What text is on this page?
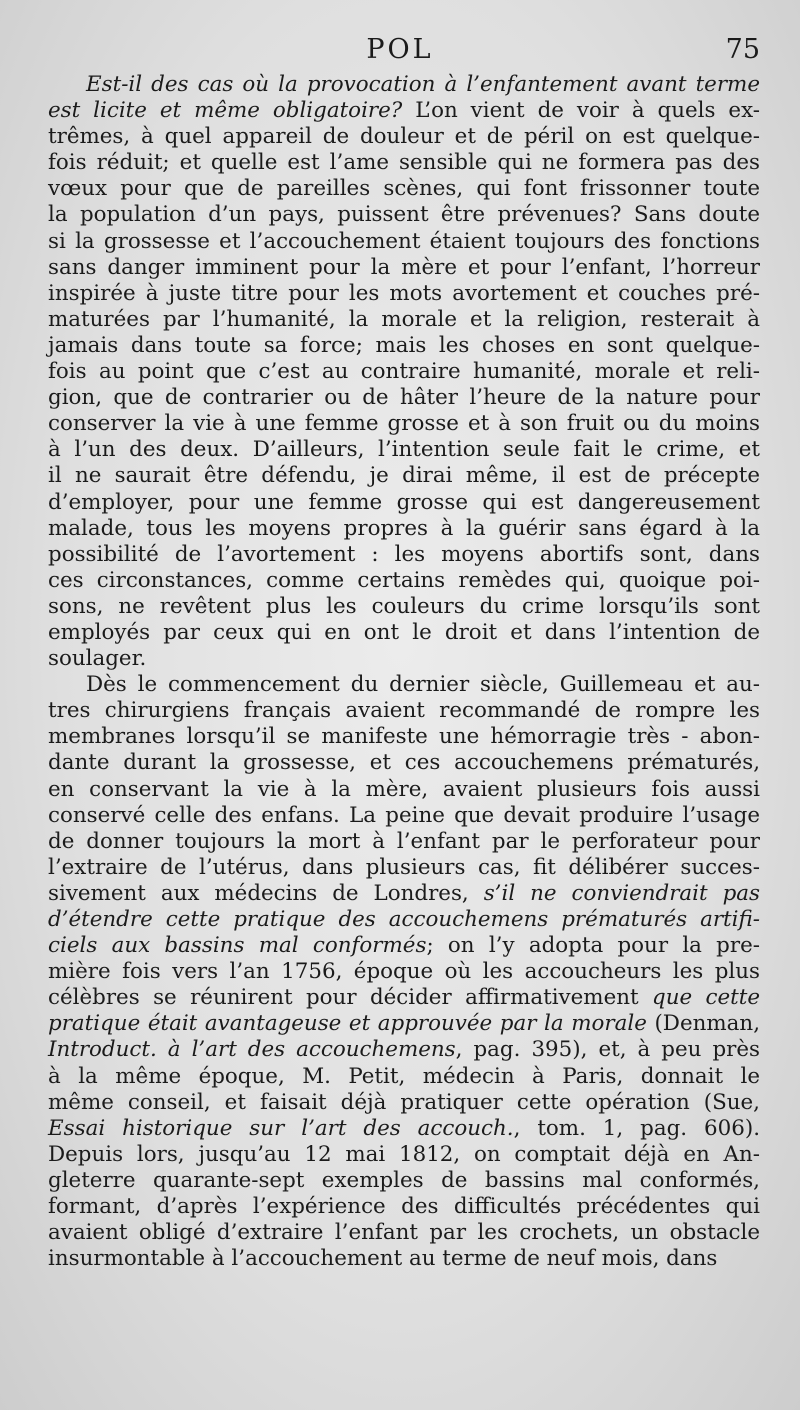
POL	75
Est-il des cas où la provocation à l’enfantement avant terme
est licite et même obligatoire? L’on vient de voir à quels ex-
trêmes, à quel appareil de douleur et de péril on est quelque-
fois réduit; et quelle est l’ame sensible qui ne formera pas des
vœux pour que de pareilles scènes, qui font frissonner toute
la population d’un pays, puissent être prévenues? Sans doute
si la grossesse et l’accouchement étaient toujours des fonctions
sans danger imminent pour la mère et pour l’enfant, l’horreur
inspirée à juste titre pour les mots avortement et couches pré-
maturées par l’humanité, la morale et la religion, resterait à
jamais dans toute sa force; mais les choses en sont quelque-
fois au point que c’est au contraire humanité, morale et reli-
gion, que de contrarier ou de hâter l’heure de la nature pour
conserver la vie à une femme grosse et à son fruit ou du moins
à l’un des deux. D’ailleurs, l’intention seule fait le crime, et
il ne saurait être défendu, je dirai même, il est de précepte
d’employer, pour une femme grosse qui est dangereusement
malade, tous les moyens propres à la guérir sans égard à la
possibilité de l’avortement : les moyens abortifs sont, dans
ces circonstances, comme certains remèdes qui, quoique poi-
sons, ne revêtent plus les couleurs du crime lorsqu’ils sont
employés par ceux qui en ont le droit et dans l’intention de
soulager.
Dès le commencement du dernier siècle, Guillemeau et au-
tres chirurgiens français avaient recommandé de rompre les
membranes lorsqu’il se manifeste une hémorragie très - abon-
dante durant la grossesse, et ces accouchemens prématurés,
en conservant la vie à la mère, avaient plusieurs fois aussi
conservé celle des enfans. La peine que devait produire l’usage
de donner toujours la mort à l’enfant par le perforateur pour
l’extraire de l’utérus, dans plusieurs cas, fit délibérer succes-
sivement aux médecins de Londres, s’il ne conviendrait pas
d’étendre cette pratique des accouchemens prématurés artifi-
ciels aux bassins mal conformés; on l’y adopta pour la pre-
mière fois vers l’an 1756, époque où les accoucheurs les plus
célèbres se réunirent pour décider affirmativement que cette
pratique était avantageuse et approuvée par la morale (Denman,
Introduct. à l’art des accouchemens, pag. 395), et, à peu près
à la même époque, M. Petit, médecin à Paris, donnait le
même conseil, et faisait déjà pratiquer cette opération (Sue,
Essai historique sur l’art des accouch., tom. 1, pag. 606).
Depuis lors, jusqu’au 12 mai 1812, on comptait déjà en An-
gleterre quarante-sept exemples de bassins mal conformés,
formant, d’après l’expérience des difficultés précédentes qui
avaient obligé d’extraire l’enfant par les crochets, un obstacle
insurmontable à l’accouchement au terme de neuf mois, dans
